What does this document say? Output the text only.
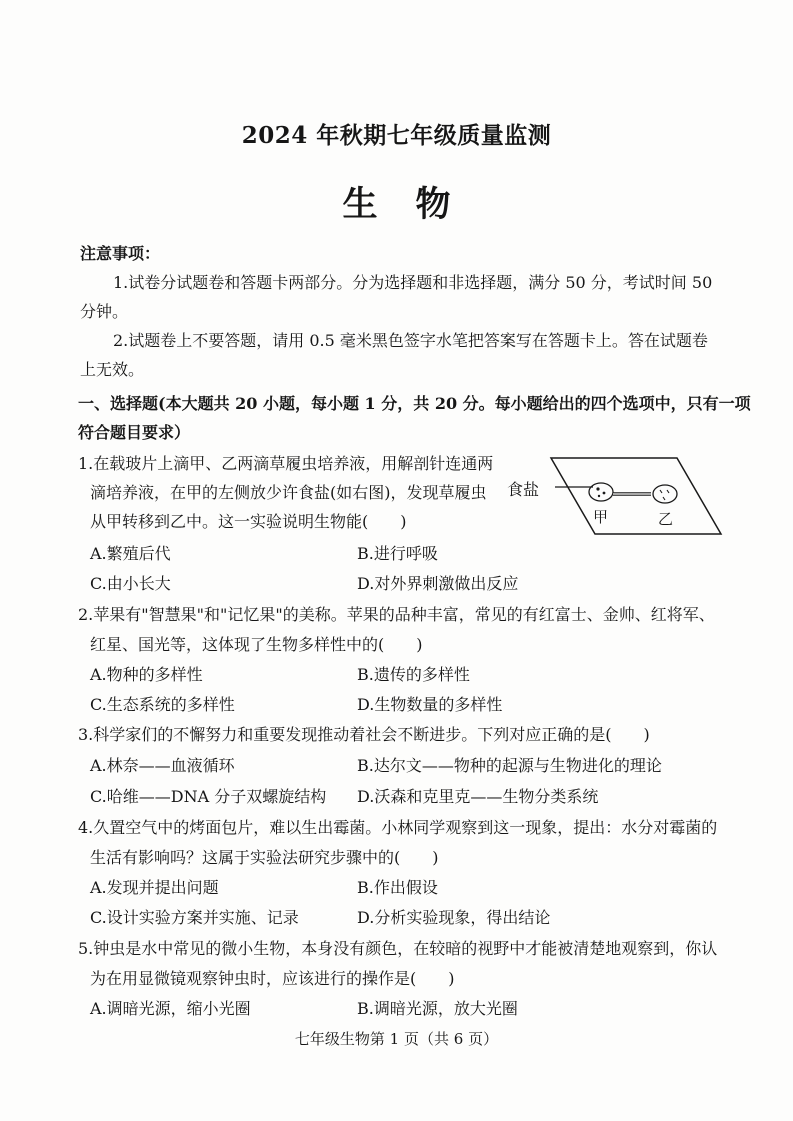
2024 年秋期七年级质量监测
生物
注意事项：
1.试卷分试题卷和答题卡两部分。分为选择题和非选择题，满分 50 分，考试时间 50
分钟。
2.试题卷上不要答题，请用 0.5 毫米黑色签字水笔把答案写在答题卡上。答在试题卷
上无效。
一、选择题(本大题共 20 小题，每小题 1 分，共 20 分。每小题给出的四个选项中，只有一项
符合题目要求）
1.在载玻片上滴甲、乙两滴草履虫培养液，用解剖针连通两
滴培养液，在甲的左侧放少许食盐(如右图)，发现草履虫
从甲转移到乙中。这一实验说明生物能(　　)
A.繁殖后代	B.进行呼吸
C.由小长大	D.对外界刺激做出反应
食盐
甲	乙
2.苹果有"智慧果"和"记忆果"的美称。苹果的品种丰富，常见的有红富士、金帅、红将军、
红星、国光等，这体现了生物多样性中的(　　)
A.物种的多样性	B.遗传的多样性
C.生态系统的多样性	D.生物数量的多样性
3.科学家们的不懈努力和重要发现推动着社会不断进步。下列对应正确的是(　　)
A.林奈——血液循环	B.达尔文——物种的起源与生物进化的理论
C.哈维——DNA 分子双螺旋结构 D.沃森和克里克——生物分类系统
4.久置空气中的烤面包片，难以生出霉菌。小林同学观察到这一现象，提出：水分对霉菌的
生活有影响吗？这属于实验法研究步骤中的(　　)
A.发现并提出问题	B.作出假设
C.设计实验方案并实施、记录	D.分析实验现象，得出结论
5.钟虫是水中常见的微小生物，本身没有颜色，在较暗的视野中才能被清楚地观察到，你认
为在用显微镜观察钟虫时，应该进行的操作是(　　)
A.调暗光源，缩小光圈	B.调暗光源，放大光圈
七年级生物第 1 页（共 6 页）
